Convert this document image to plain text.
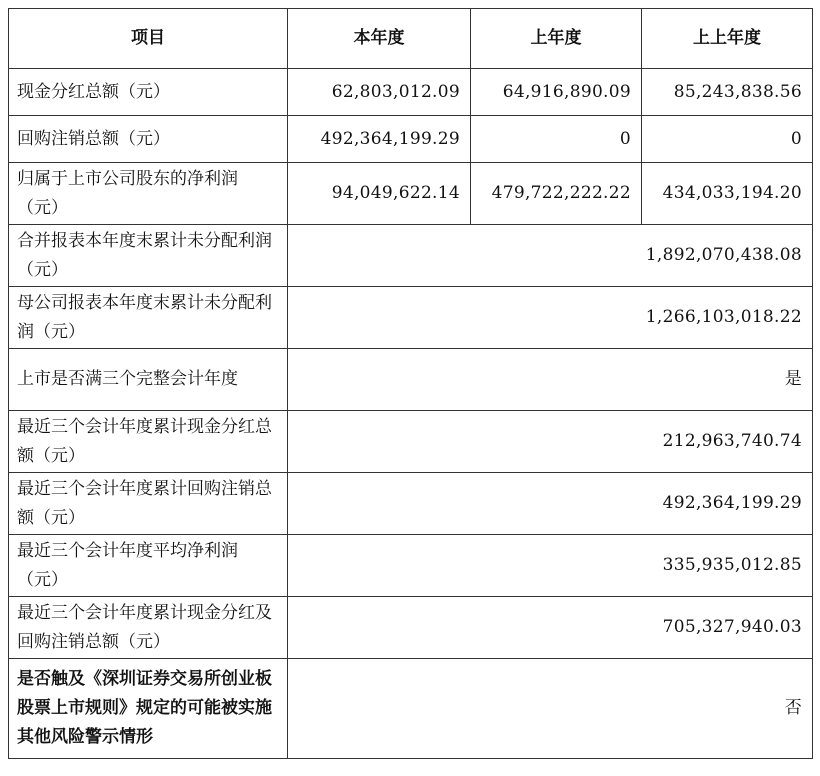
项目	本年度	上年度	上上年度
现金分红总额（元）	62,803,012.09	64,916,890.09	85,243,838.56
回购注销总额（元）	492,364,199.29	0	0
归属于上市公司股东的净利润（元）	94,049,622.14	479,722,222.22	434,033,194.20
合并报表本年度末累计未分配利润（元）	1,892,070,438.08		
母公司报表本年度末累计未分配利润（元）	1,266,103,018.22		
上市是否满三个完整会计年度	是		
最近三个会计年度累计现金分红总额（元）	212,963,740.74		
最近三个会计年度累计回购注销总额（元）	492,364,199.29		
最近三个会计年度平均净利润（元）	335,935,012.85		
最近三个会计年度累计现金分红及回购注销总额（元）	705,327,940.03		
是否触及《深圳证券交易所创业板股票上市规则》规定的可能被实施其他风险警示情形	否		
